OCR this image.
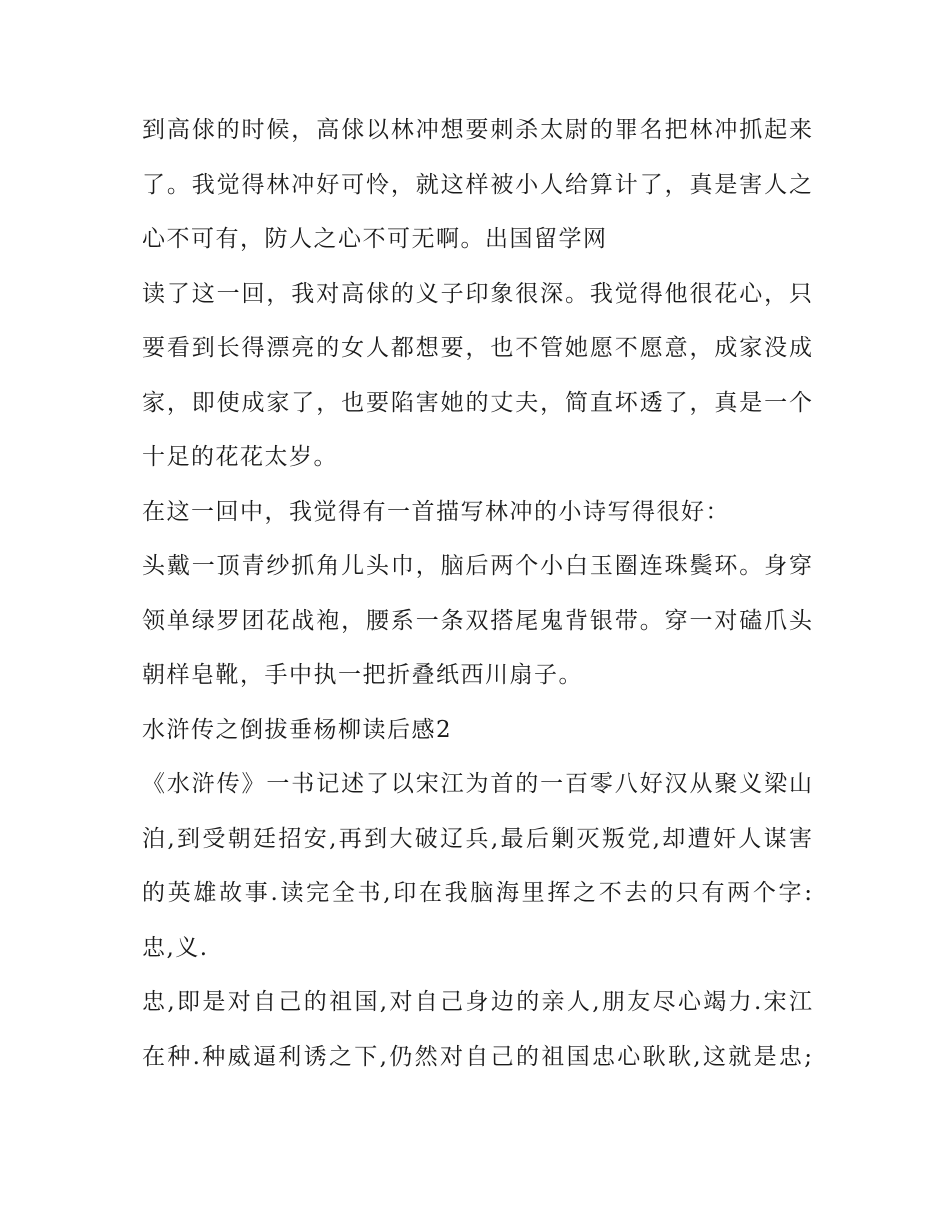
到高俅的时候，高俅以林冲想要刺杀太尉的罪名把林冲抓起来
了。我觉得林冲好可怜，就这样被小人给算计了，真是害人之
心不可有，防人之心不可无啊。出国留学网
读了这一回，我对高俅的义子印象很深。我觉得他很花心，只
要看到长得漂亮的女人都想要，也不管她愿不愿意，成家没成
家，即使成家了，也要陷害她的丈夫，简直坏透了，真是一个
十足的花花太岁。
在这一回中，我觉得有一首描写林冲的小诗写得很好：
头戴一顶青纱抓角儿头巾，脑后两个小白玉圈连珠鬓环。身穿
领单绿罗团花战袍，腰系一条双搭尾鬼背银带。穿一对磕爪头
朝样皂靴，手中执一把折叠纸西川扇子。
水浒传之倒拔垂杨柳读后感2
《水浒传》一书记述了以宋江为首的一百零八好汉从聚义梁山
泊,到受朝廷招安,再到大破辽兵,最后剿灭叛党,却遭奸人谋害
的英雄故事.读完全书,印在我脑海里挥之不去的只有两个字:
忠,义.
忠,即是对自己的祖国,对自己身边的亲人,朋友尽心竭力.宋江
在种.种威逼利诱之下,仍然对自己的祖国忠心耿耿,这就是忠;
